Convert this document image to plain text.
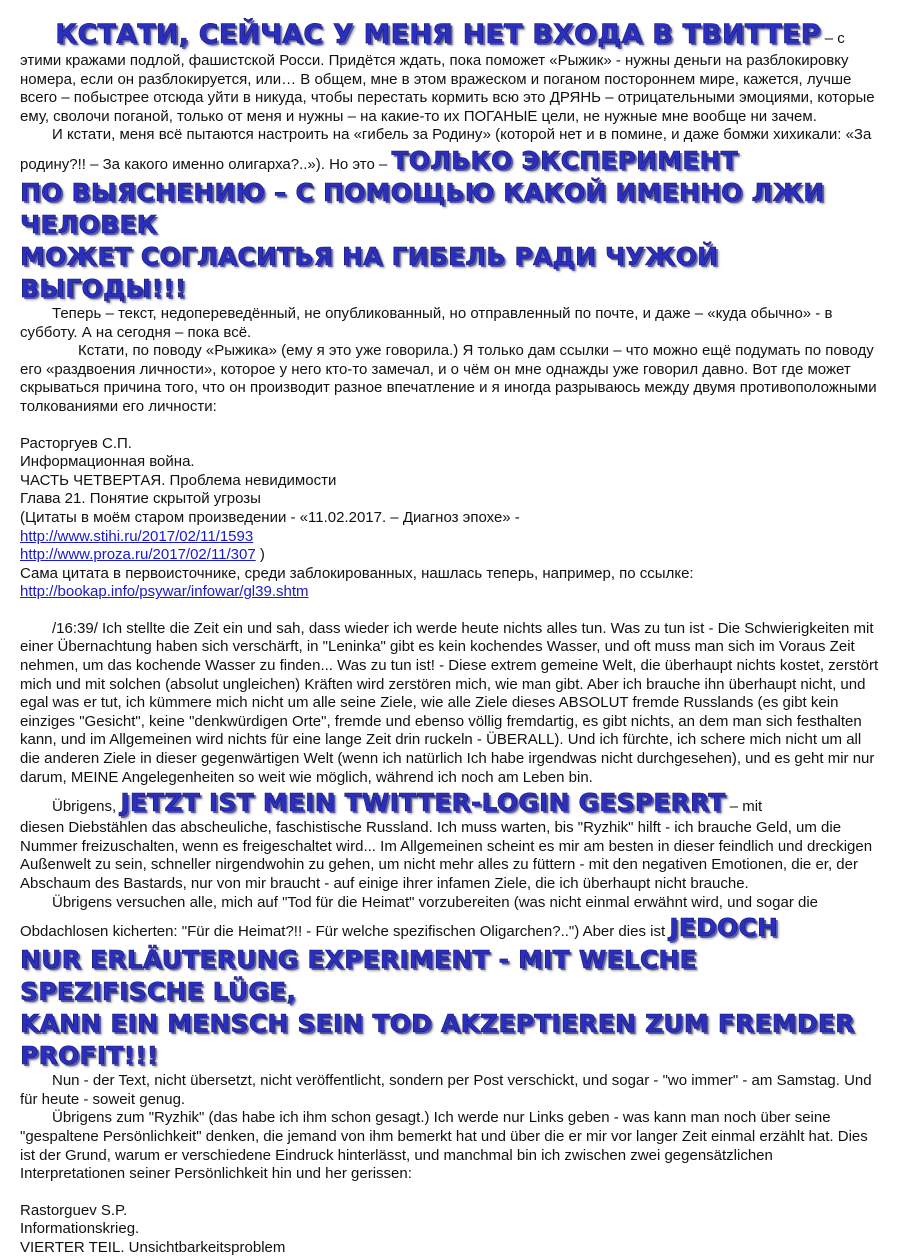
КСТАТИ, СЕЙЧАС У МЕНЯ НЕТ ВХОДА В ТВИТТЕР – с

этими кражами подлой, фашистской Росси. Придётся ждать, пока поможет «Рыжик» - нужны деньги на разблокировку номера, если он разблокируется, или… В общем, мне в этом вражеском и поганом постороннем мире, кажется, лучше всего – побыстрее отсюда уйти в никуда, чтобы перестать кормить всю это ДРЯНЬ – отрицательными эмоциями, которые ему, сволочи поганой, только от меня и нужны – на какие-то их ПОГАНЫЕ цели, не нужные мне вообще ни зачем.

И кстати, меня всё пытаются настроить на «гибель за Родину» (которой нет и в помине, и даже бомжи хихикали: «За родину?!! – За какого именно олигарха?..»). Но это – ТОЛЬКО ЭКСПЕРИМЕНТ

ПО ВЫЯСНЕНИЮ – С ПОМОЩЬЮ КАКОЙ ИМЕННО ЛЖИ ЧЕЛОВЕК
МОЖЕТ СОГЛАСИТЬЯ НА ГИБЕЛЬ РАДИ ЧУЖОЙ ВЫГОДЫ!!!

Теперь – текст, недопереведённый, не опубликованный, но отправленный по почте, и даже – «куда обычно» - в субботу. А на сегодня – пока всё.

Кстати, по поводу «Рыжика» (ему я это уже говорила.) Я только дам ссылки – что можно ещё подумать по поводу его «раздвоения личности», которое у него кто-то замечал, и о чём он мне однажды уже говорил давно. Вот где может скрываться причина того, что он производит разное впечатление и я иногда разрываюсь между двумя противоположными толкованиями его личности:

Расторгуев С.П.
Информационная война.
ЧАСТЬ ЧЕТВЕРТАЯ. Проблема невидимости
Глава 21. Понятие скрытой угрозы
(Цитаты в моём старом произведении - «11.02.2017. – Диагноз эпохе» -
http://www.stihi.ru/2017/02/11/1593
http://www.proza.ru/2017/02/11/307 )
Сама цитата в первоисточнике, среди заблокированных, нашлась теперь, например, по ссылке:
http://bookap.info/psywar/infowar/gl39.shtm

/16:39/ Ich stellte die Zeit ein und sah, dass wieder ich werde heute nichts alles tun. Was zu tun ist - Die Schwierigkeiten mit einer Übernachtung haben sich verschärft, in "Leninka" gibt es kein kochendes Wasser, und oft muss man sich im Voraus Zeit nehmen, um das kochende Wasser zu finden... Was zu tun ist! - Diese extrem gemeine Welt, die überhaupt nichts kostet, zerstört mich und mit solchen (absolut ungleichen) Kräften wird zerstören mich, wie man gibt. Aber ich brauche ihn überhaupt nicht, und egal was er tut, ich kümmere mich nicht um alle seine Ziele, wie alle Ziele dieses ABSOLUT fremde Russlands (es gibt kein einziges "Gesicht", keine "denkwürdigen Orte", fremde und ebenso völlig fremdartig, es gibt nichts, an dem man sich festhalten kann, und im Allgemeinen wird nichts für eine lange Zeit drin ruckeln - ÜBERALL). Und ich fürchte, ich schere mich nicht um all die anderen Ziele in dieser gegenwärtigen Welt (wenn ich natürlich Ich habe irgendwas nicht durchgesehen), und es geht mir nur darum, MEINE Angelegenheiten so weit wie möglich, während ich noch am Leben bin.

Übrigens, JETZT IST MEIN TWITTER-LOGIN GESPERRT – mit

diesen Diebstählen das abscheuliche, faschistische Russland. Ich muss warten, bis "Ryzhik" hilft - ich brauche Geld, um die Nummer freizuschalten, wenn es freigeschaltet wird... Im Allgemeinen scheint es mir am besten in dieser feindlich und dreckigen Außenwelt zu sein, schneller nirgendwohin zu gehen, um nicht mehr alles zu füttern - mit den negativen Emotionen, die er, der Abschaum des Bastards, nur von mir braucht - auf einige ihrer infamen Ziele, die ich überhaupt nicht brauche.

Übrigens versuchen alle, mich auf "Tod für die Heimat" vorzubereiten (was nicht einmal erwähnt wird, und sogar die Obdachlosen kicherten: "Für die Heimat?!! - Für welche spezifischen Oligarchen?..") Aber dies ist JEDOCH

NUR ERLÄUTERUNG EXPERIMENT - MIT WELCHE SPEZIFISCHE LÜGE,
KANN EIN MENSCH SEIN TOD AKZEPTIEREN ZUM FREMDER PROFIT!!!

Nun - der Text, nicht übersetzt, nicht veröffentlicht, sondern per Post verschickt, und sogar - "wo immer" - am Samstag. Und für heute - soweit genug.

Übrigens zum "Ryzhik" (das habe ich ihm schon gesagt.) Ich werde nur Links geben - was kann man noch über seine "gespaltene Persönlichkeit" denken, die jemand von ihm bemerkt hat und über die er mir vor langer Zeit einmal erzählt hat. Dies ist der Grund, warum er verschiedene Eindruck hinterlässt, und manchmal bin ich zwischen zwei gegensätzlichen Interpretationen seiner Persönlichkeit hin und her gerissen:

Rastorguev S.P.
Informationskrieg.
VIERTER TEIL. Unsichtbarkeitsproblem
